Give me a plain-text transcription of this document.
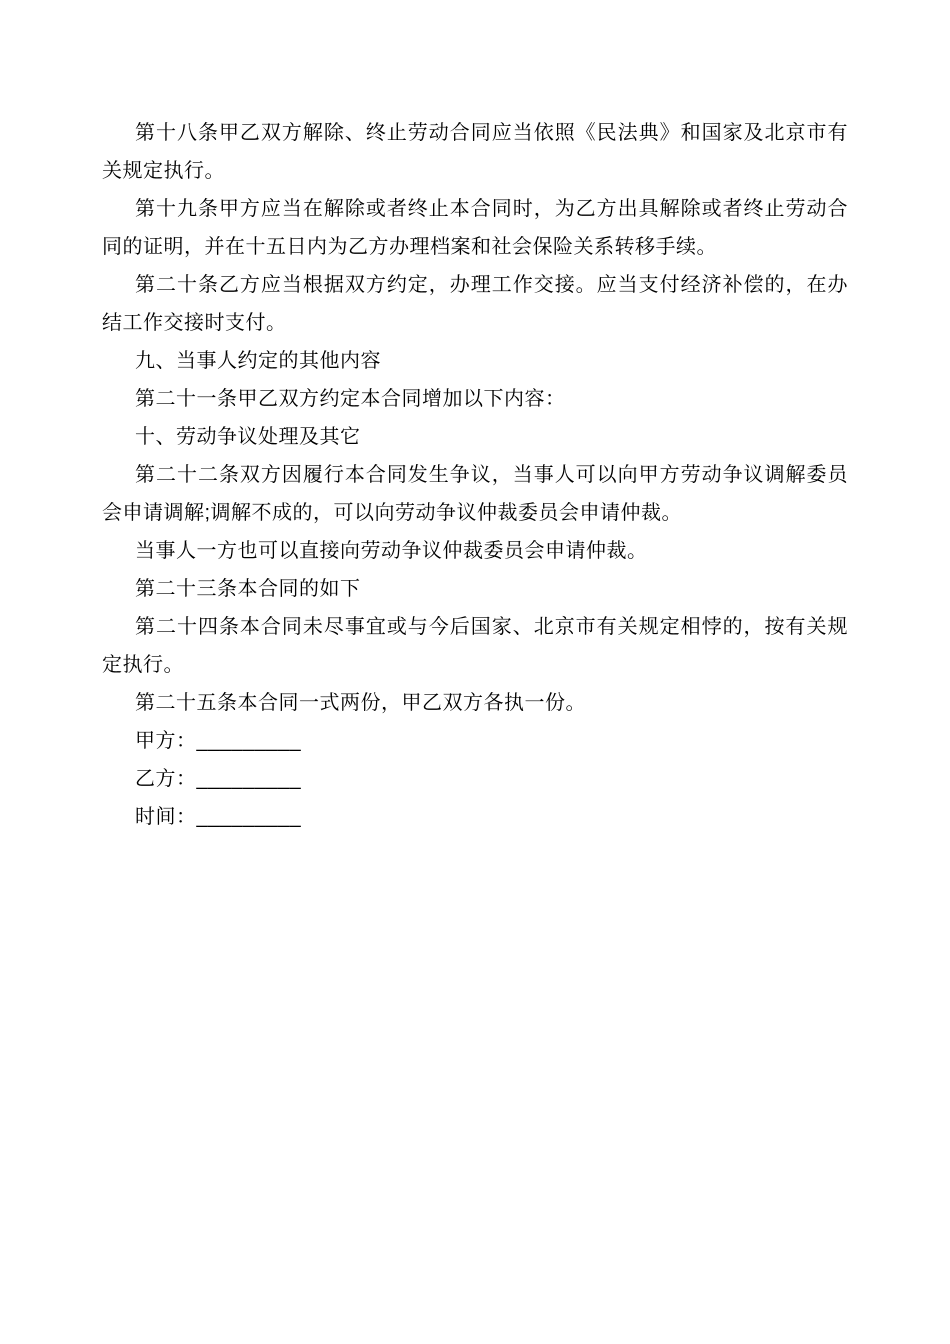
第十八条甲乙双方解除、终止劳动合同应当依照《民法典》和国家及北京市有关规定执行。

第十九条甲方应当在解除或者终止本合同时，为乙方出具解除或者终止劳动合同的证明，并在十五日内为乙方办理档案和社会保险关系转移手续。

第二十条乙方应当根据双方约定，办理工作交接。应当支付经济补偿的，在办结工作交接时支付。

九、当事人约定的其他内容

第二十一条甲乙双方约定本合同增加以下内容：

十、劳动争议处理及其它

第二十二条双方因履行本合同发生争议，当事人可以向甲方劳动争议调解委员会申请调解;调解不成的，可以向劳动争议仲裁委员会申请仲裁。

当事人一方也可以直接向劳动争议仲裁委员会申请仲裁。

第二十三条本合同的如下

第二十四条本合同未尽事宜或与今后国家、北京市有关规定相悖的，按有关规定执行。

第二十五条本合同一式两份，甲乙双方各执一份。

甲方：_________

乙方：_________

时间：_________
